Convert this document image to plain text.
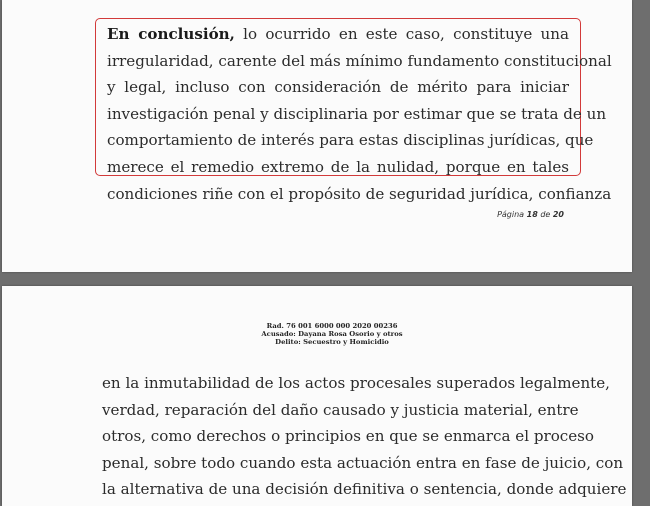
En conclusión, lo ocurrido en este caso, constituye una
irregularidad, carente del más mínimo fundamento constitucional
y legal, incluso con consideración de mérito para iniciar
investigación penal y disciplinaria por estimar que se trata de un
comportamiento de interés para estas disciplinas jurídicas, que
merece el remedio extremo de la nulidad, porque en tales
condiciones riñe con el propósito de seguridad jurídica, confianza
Página 18 de 20
Rad. 76 001 6000 000 2020 00236
Acusado: Dayana Rosa Osorio y otros
Delito: Secuestro y Homicidio
en la inmutabilidad de los actos procesales superados legalmente,
verdad, reparación del daño causado y justicia material, entre
otros, como derechos o principios en que se enmarca el proceso
penal, sobre todo cuando esta actuación entra en fase de juicio, con
la alternativa de una decisión definitiva o sentencia, donde adquiere
